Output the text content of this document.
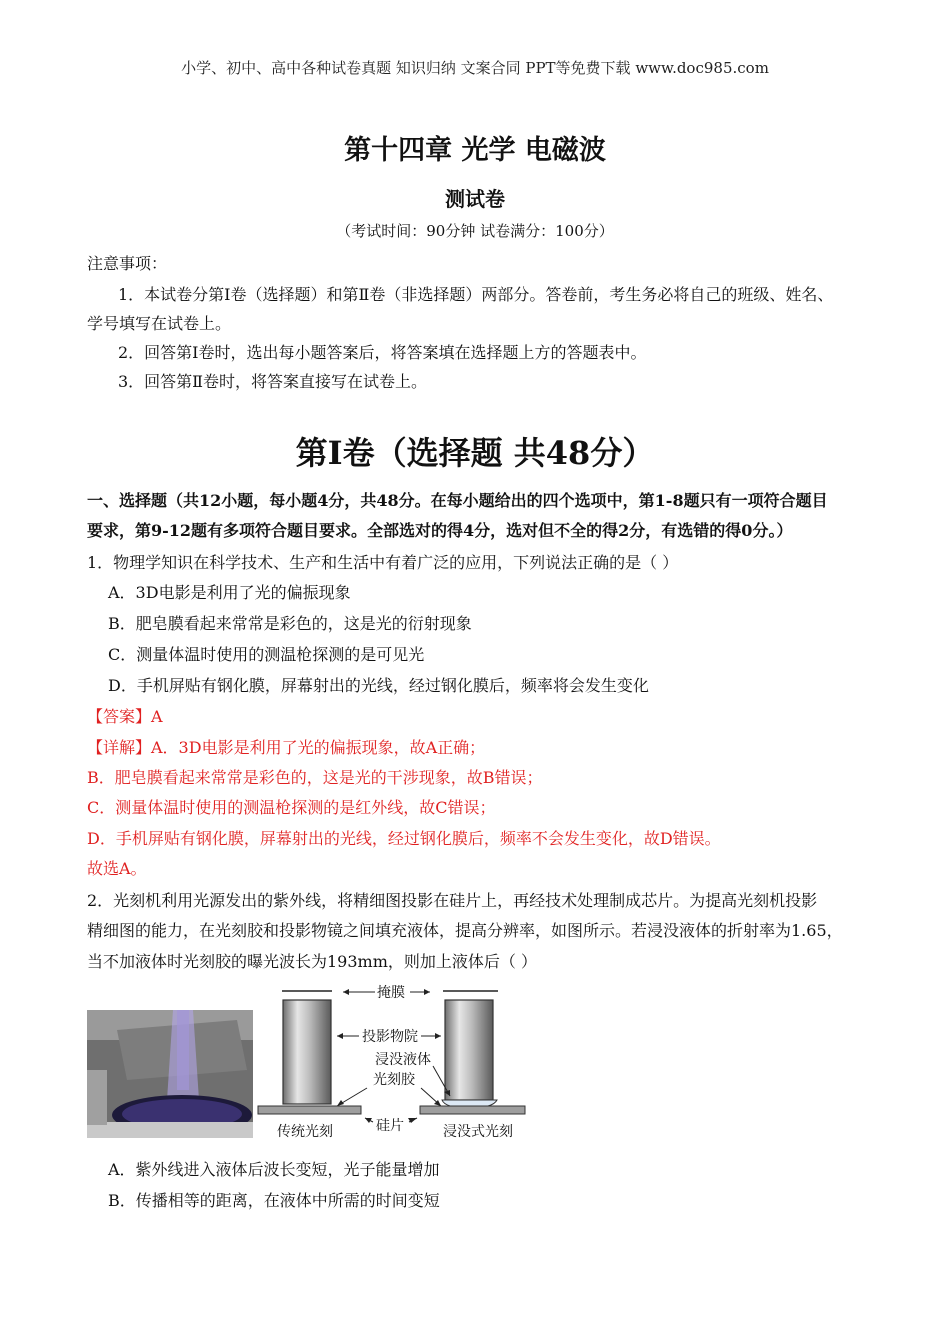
小学、初中、高中各种试卷真题 知识归纳 文案合同 PPT等免费下载 www.doc985.com
第十四章 光学 电磁波
测试卷
（考试时间：90分钟 试卷满分：100分）
注意事项：
1．本试卷分第Ⅰ卷（选择题）和第Ⅱ卷（非选择题）两部分。答卷前，考生务必将自己的班级、姓名、
学号填写在试卷上。
2．回答第Ⅰ卷时，选出每小题答案后，将答案填在选择题上方的答题表中。
3．回答第Ⅱ卷时，将答案直接写在试卷上。
第Ⅰ卷（选择题 共48分）
一、选择题（共12小题，每小题4分，共48分。在每小题给出的四个选项中，第1-8题只有一项符合题目
要求，第9-12题有多项符合题目要求。全部选对的得4分，选对但不全的得2分，有选错的得0分。）
1．物理学知识在科学技术、生产和生活中有着广泛的应用，下列说法正确的是（ ）
A．3D电影是利用了光的偏振现象
B．肥皂膜看起来常常是彩色的，这是光的衍射现象
C．测量体温时使用的测温枪探测的是可见光
D．手机屏贴有钢化膜，屏幕射出的光线，经过钢化膜后，频率将会发生变化
【答案】A
【详解】A．3D电影是利用了光的偏振现象，故A正确；
B．肥皂膜看起来常常是彩色的，这是光的干涉现象，故B错误；
C．测量体温时使用的测温枪探测的是红外线，故C错误；
D．手机屏贴有钢化膜，屏幕射出的光线，经过钢化膜后，频率不会发生变化，故D错误。
故选A。
2．光刻机利用光源发出的紫外线，将精细图投影在硅片上，再经技术处理制成芯片。为提高光刻机投影
精细图的能力，在光刻胶和投影物镜之间填充液体，提高分辨率，如图所示。若浸没液体的折射率为1.65，
当不加液体时光刻胶的曝光波长为193mm，则加上液体后（ ）
掩膜
投影物院
浸没液体
光刻胶
硅片
传统光刻	浸没式光刻
A．紫外线进入液体后波长变短，光子能量增加
B．传播相等的距离，在液体中所需的时间变短
